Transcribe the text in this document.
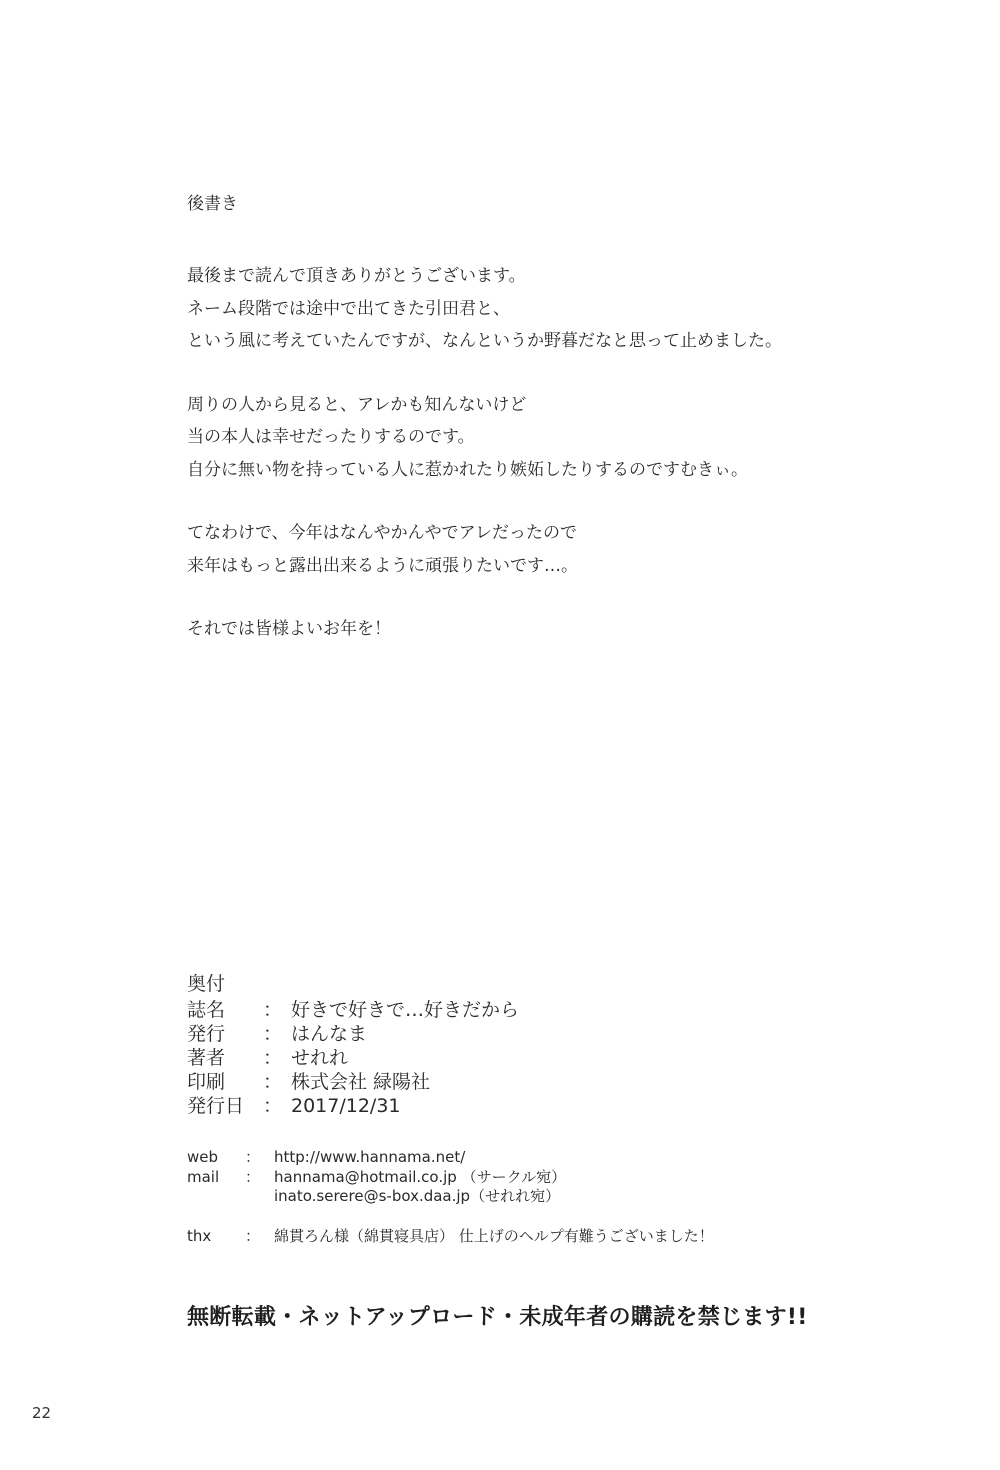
後書き
最後まで読んで頂きありがとうございます。
ネーム段階では途中で出てきた引田君と、
という風に考えていたんですが、なんというか野暮だなと思って止めました。
周りの人から見ると、アレかも知んないけど
当の本人は幸せだったりするのです。
自分に無い物を持っている人に惹かれたり嫉妬したりするのですむきぃ。
てなわけで、今年はなんやかんやでアレだったので
来年はもっと露出出来るように頑張りたいです…。
それでは皆様よいお年を！
奥付
誌名	： 好きで好きで…好きだから
発行	： はんなま
著者	： せれれ
印刷	： 株式会社 緑陽社
発行日 ： 2017/12/31
web	： http://www.hannama.net/
mail	： hannama@hotmail.co.jp （サークル宛）
inato.serere@s-box.daa.jp（せれれ宛）
thx	： 綿貫ろん様（綿貫寝具店） 仕上げのヘルプ有難うございました！
無断転載・ネットアップロード・未成年者の購読を禁じます!!
22
